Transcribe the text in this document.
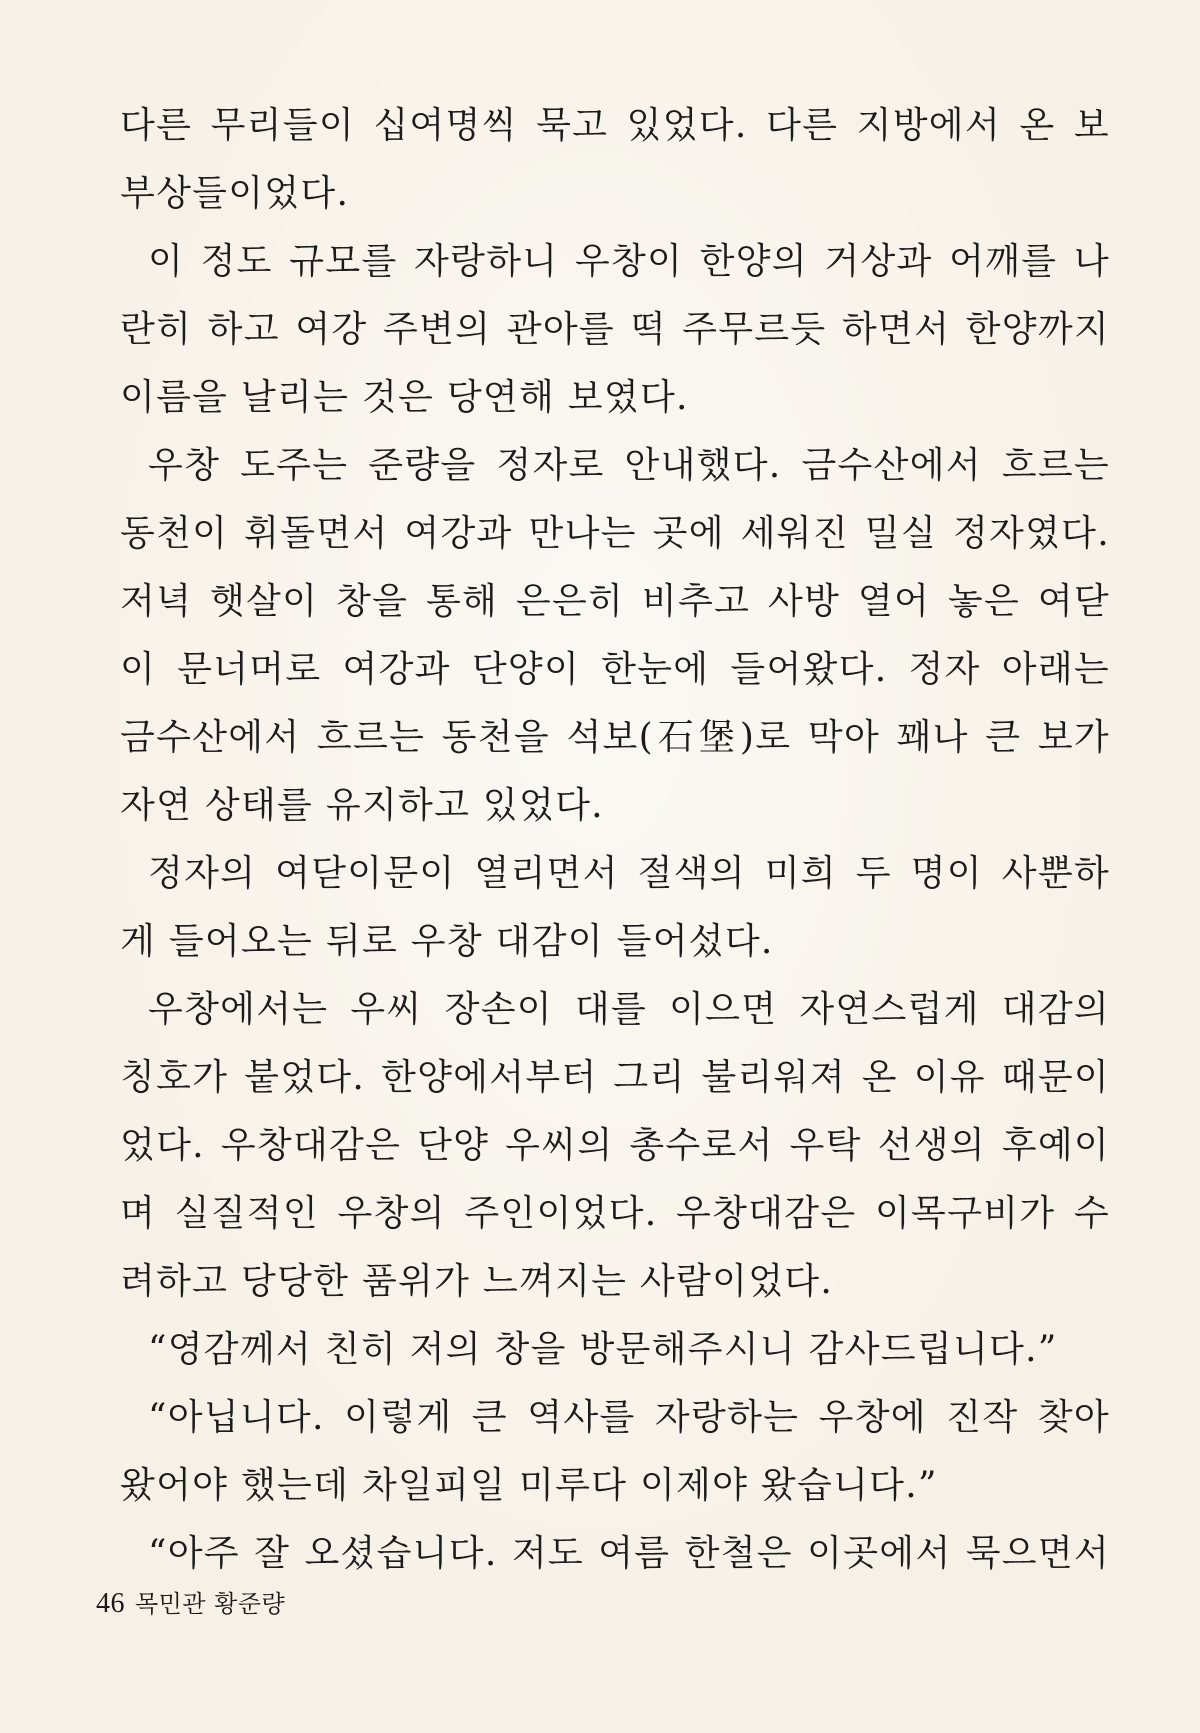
다른 무리들이 십여명씩 묵고 있었다. 다른 지방에서 온 보
부상들이었다.
이 정도 규모를 자랑하니 우창이 한양의 거상과 어깨를 나
란히 하고 여강 주변의 관아를 떡 주무르듯 하면서 한양까지
이름을 날리는 것은 당연해 보였다.
우창 도주는 준량을 정자로 안내했다. 금수산에서 흐르는
동천이 휘돌면서 여강과 만나는 곳에 세워진 밀실 정자였다.
저녁 햇살이 창을 통해 은은히 비추고 사방 열어 놓은 여닫
이 문너머로 여강과 단양이 한눈에 들어왔다. 정자 아래는
금수산에서 흐르는 동천을 석보(石堡)로 막아 꽤나 큰 보가
자연 상태를 유지하고 있었다.
정자의 여닫이문이 열리면서 절색의 미희 두 명이 사뿐하
게 들어오는 뒤로 우창 대감이 들어섰다.
우창에서는 우씨 장손이 대를 이으면 자연스럽게 대감의
칭호가 붙었다. 한양에서부터 그리 불리워져 온 이유 때문이
었다. 우창대감은 단양 우씨의 총수로서 우탁 선생의 후예이
며 실질적인 우창의 주인이었다. 우창대감은 이목구비가 수
려하고 당당한 품위가 느껴지는 사람이었다.
“영감께서 친히 저의 창을 방문해주시니 감사드립니다.”
“아닙니다. 이렇게 큰 역사를 자랑하는 우창에 진작 찾아
왔어야 했는데 차일피일 미루다 이제야 왔습니다.”
“아주 잘 오셨습니다. 저도 여름 한철은 이곳에서 묵으면서
46 목민관 황준량
